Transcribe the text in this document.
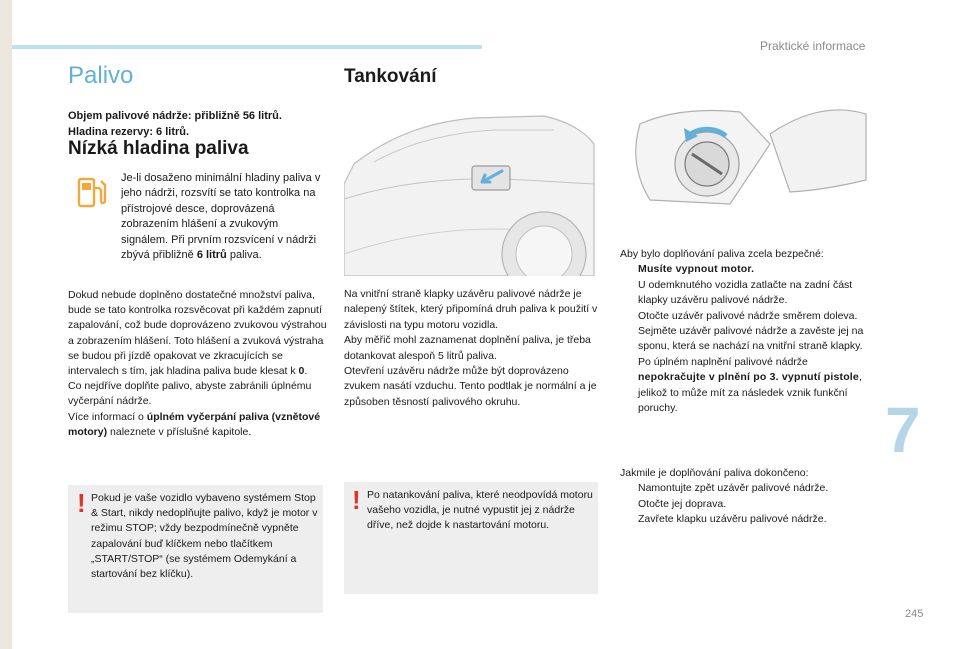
Praktické informace
7
245
Palivo
Objem palivové nádrže: přibližně 56 litrů.
Hladina rezervy: 6 litrů.
Nízká hladina paliva
Je-li dosaženo minimální hladiny paliva v jeho nádrži, rozsvítí se tato kontrolka na přístrojové desce, doprovázená zobrazením hlášení a zvukovým signálem. Při prvním rozsvícení v nádrži zbývá přibližně 6 litrů paliva.
Dokud nebude doplněno dostatečné množství paliva, bude se tato kontrolka rozsvěcovat při každém zapnutí zapalování, což bude doprovázeno zvukovou výstrahou a zobrazením hlášení. Toto hlášení a zvuková výstraha se budou při jízdě opakovat ve zkracujících se intervalech s tím, jak hladina paliva bude klesat k 0.
Co nejdříve doplňte palivo, abyste zabránili úplnému vyčerpání nádrže.
Více informací o úplném vyčerpání paliva (vznětové motory) naleznete v příslušné kapitole.
! Pokud je vaše vozidlo vybaveno systémem Stop & Start, nikdy nedoplňujte palivo, když je motor v režimu STOP; vždy bezpodmínečně vypněte zapalování buď klíčkem nebo tlačítkem „START/STOP“ (se systémem Odemykání a startování bez klíčku).
Tankování
Na vnitřní straně klapky uzávěru palivové nádrže je nalepený štítek, který připomíná druh paliva k použití v závislosti na typu motoru vozidla.
Aby měřič mohl zaznamenat doplnění paliva, je třeba dotankovat alespoň 5 litrů paliva.
Otevření uzávěru nádrže může být doprovázeno zvukem nasátí vzduchu. Tento podtlak je normální a je způsoben těsností palivového okruhu.
! Po natankování paliva, které neodpovídá motoru vašeho vozidla, je nutné vypustit jej z nádrže dříve, než dojde k nastartování motoru.
Aby bylo doplňování paliva zcela bezpečné:
Musíte vypnout motor.
U odemknutého vozidla zatlačte na zadní část klapky uzávěru palivové nádrže.
Otočte uzávěr palivové nádrže směrem doleva.
Sejměte uzávěr palivové nádrže a zavěste jej na sponu, která se nachází na vnitřní straně klapky.
Po úplném naplnění palivové nádrže nepokračujte v plnění po 3. vypnutí pistole, jelikož to může mít za následek vznik funkční poruchy.
Jakmile je doplňování paliva dokončeno:
Namontujte zpět uzávěr palivové nádrže.
Otočte jej doprava.
Zavřete klapku uzávěru palivové nádrže.
